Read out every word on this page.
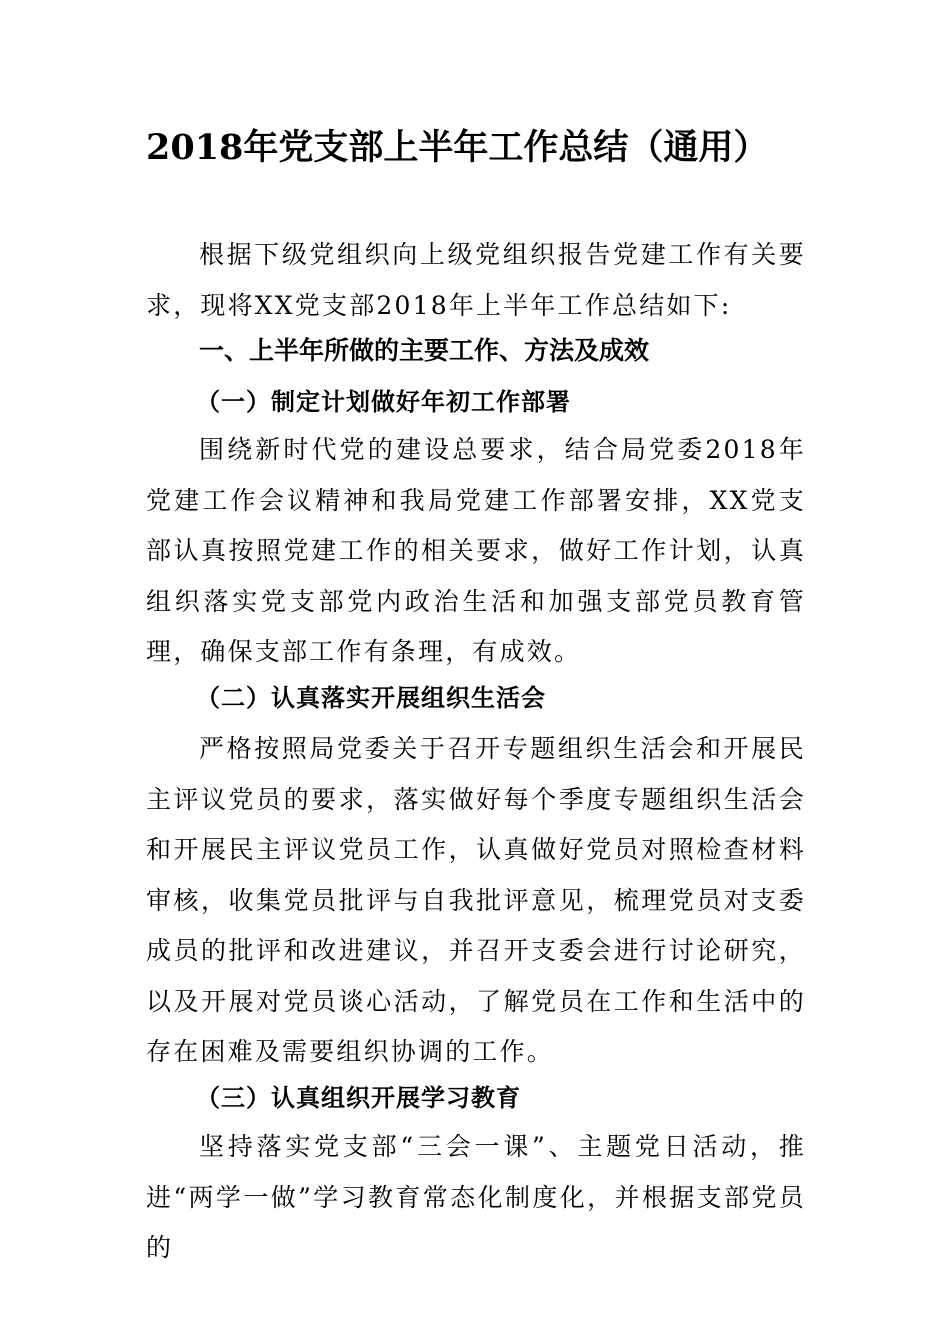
2018年党支部上半年工作总结（通用）

根据下级党组织向上级党组织报告党建工作有关要求，现将XX党支部2018年上半年工作总结如下:

一、上半年所做的主要工作、方法及成效
（一）制定计划做好年初工作部署

围绕新时代党的建设总要求，结合局党委2018年党建工作会议精神和我局党建工作部署安排，XX党支部认真按照党建工作的相关要求，做好工作计划，认真组织落实党支部党内政治生活和加强支部党员教育管理，确保支部工作有条理，有成效。

（二）认真落实开展组织生活会

严格按照局党委关于召开专题组织生活会和开展民主评议党员的要求，落实做好每个季度专题组织生活会和开展民主评议党员工作，认真做好党员对照检查材料审核，收集党员批评与自我批评意见，梳理党员对支委成员的批评和改进建议，并召开支委会进行讨论研究，以及开展对党员谈心活动，了解党员在工作和生活中的存在困难及需要组织协调的工作。

（三）认真组织开展学习教育

坚持落实党支部“三会一课”、主题党日活动，推进“两学一做”学习教育常态化制度化，并根据支部党员的
